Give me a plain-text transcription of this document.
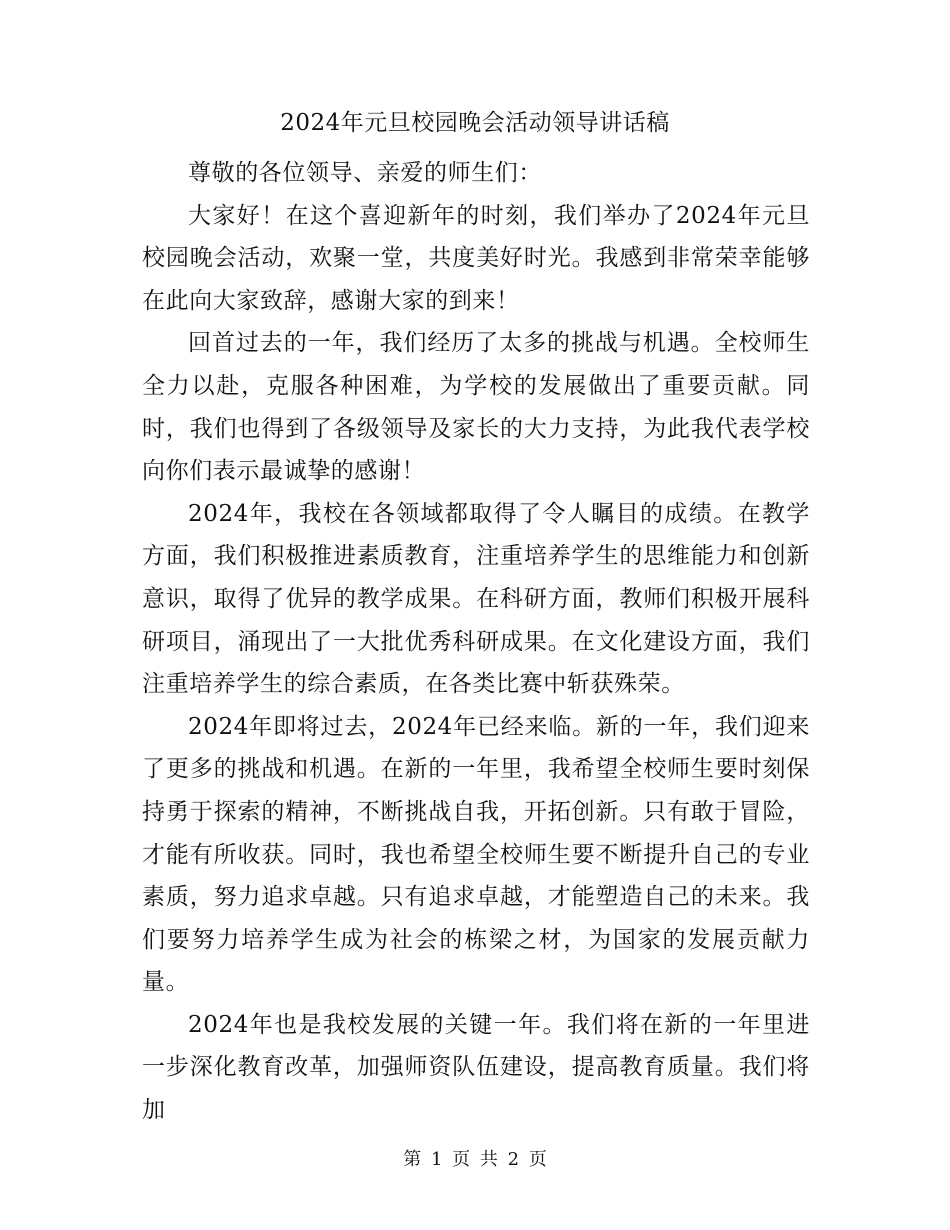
2024年元旦校园晚会活动领导讲话稿

尊敬的各位领导、亲爱的师生们：

大家好！在这个喜迎新年的时刻，我们举办了2024年元旦校园晚会活动，欢聚一堂，共度美好时光。我感到非常荣幸能够在此向大家致辞，感谢大家的到来！

回首过去的一年，我们经历了太多的挑战与机遇。全校师生全力以赴，克服各种困难，为学校的发展做出了重要贡献。同时，我们也得到了各级领导及家长的大力支持，为此我代表学校向你们表示最诚挚的感谢！

2024年，我校在各领域都取得了令人瞩目的成绩。在教学方面，我们积极推进素质教育，注重培养学生的思维能力和创新意识，取得了优异的教学成果。在科研方面，教师们积极开展科研项目，涌现出了一大批优秀科研成果。在文化建设方面，我们注重培养学生的综合素质，在各类比赛中斩获殊荣。

2024年即将过去，2024年已经来临。新的一年，我们迎来了更多的挑战和机遇。在新的一年里，我希望全校师生要时刻保持勇于探索的精神，不断挑战自我，开拓创新。只有敢于冒险，才能有所收获。同时，我也希望全校师生要不断提升自己的专业素质，努力追求卓越。只有追求卓越，才能塑造自己的未来。我们要努力培养学生成为社会的栋梁之材，为国家的发展贡献力量。

2024年也是我校发展的关键一年。我们将在新的一年里进一步深化教育改革，加强师资队伍建设，提高教育质量。我们将加

第 1 页 共 2 页
